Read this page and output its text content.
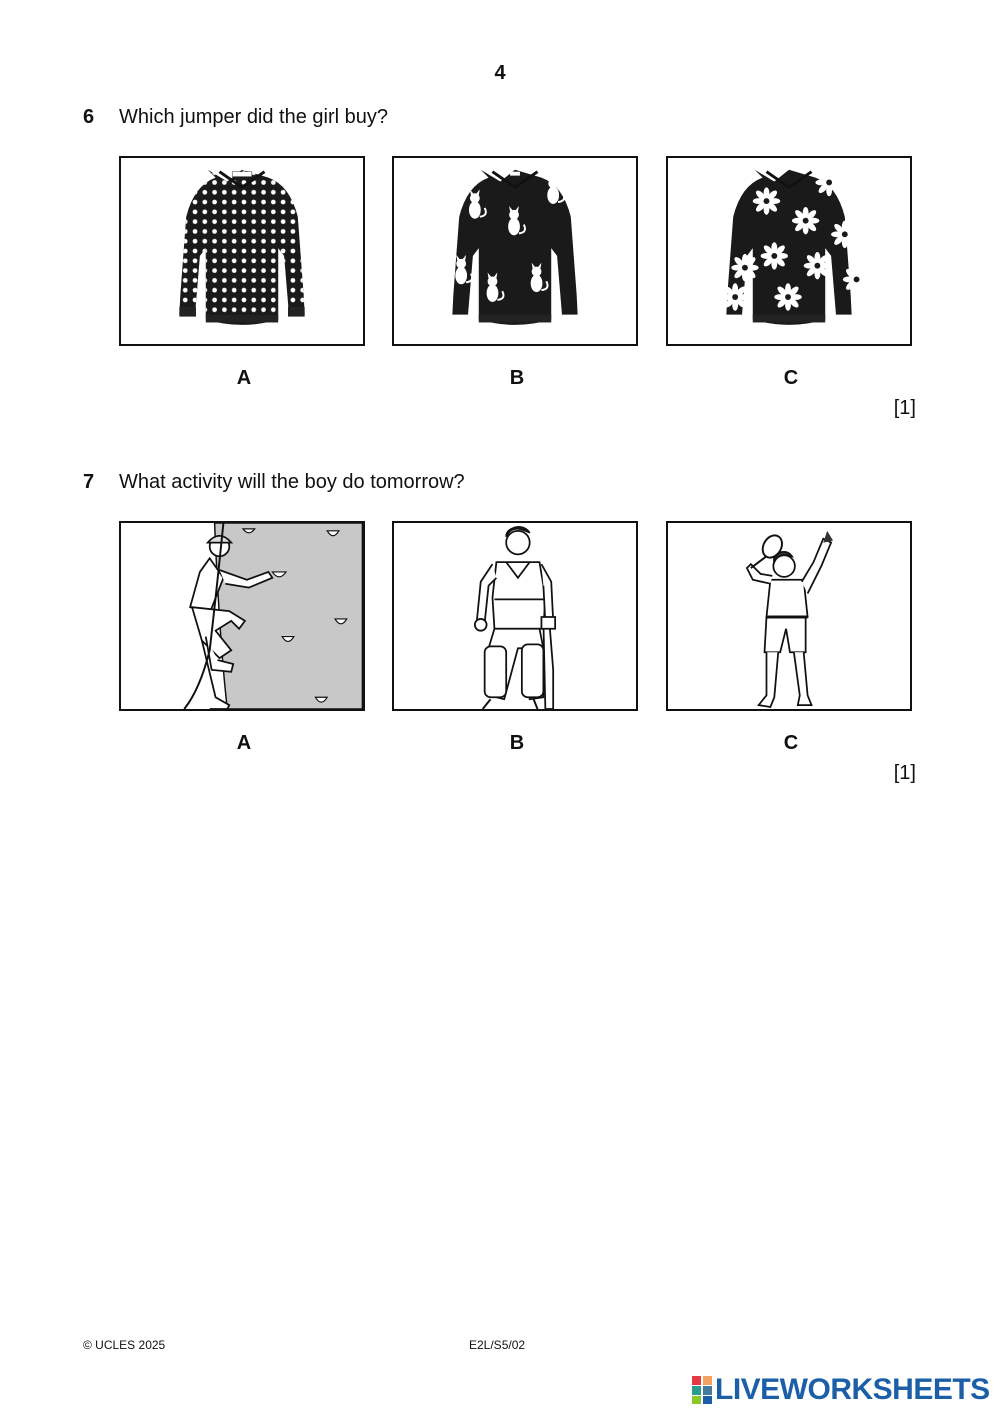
4
6 Which jumper did the girl buy?
A	B	C
[1]
7 What activity will the boy do tomorrow?
A	B	C
[1]
© UCLES 2025	E2L/S5/02
LIVEWORKSHEETS
